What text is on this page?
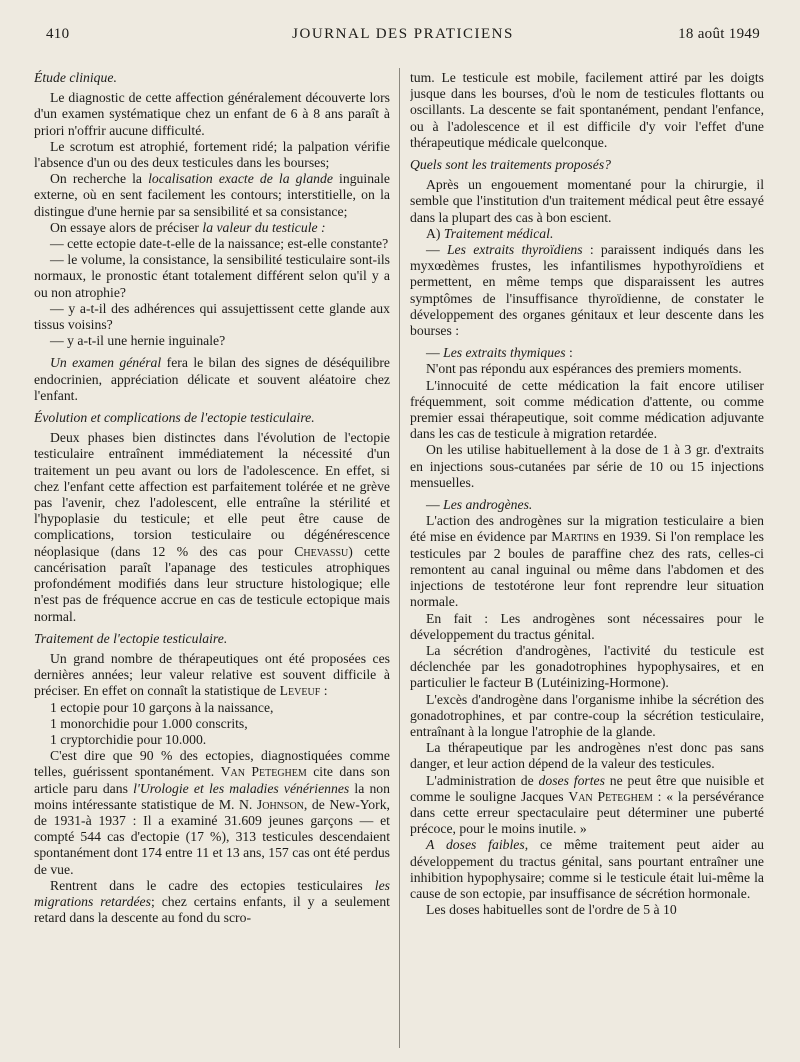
410	JOURNAL DES PRATICIENS	18 août 1949

Étude clinique.

Le diagnostic de cette affection généralement découverte lors d'un examen systématique chez un enfant de 6 à 8 ans paraît à priori n'offrir aucune difficulté.

Le scrotum est atrophié, fortement ridé; la palpation vérifie l'absence d'un ou des deux testicules dans les bourses;

On recherche la localisation exacte de la glande inguinale externe, où en sent facilement les contours; interstitielle, on la distingue d'une hernie par sa sensibilité et sa consistance;

On essaye alors de préciser la valeur du testicule :

— cette ectopie date-t-elle de la naissance; est-elle constante?

— le volume, la consistance, la sensibilité testiculaire sont-ils normaux, le pronostic étant totalement différent selon qu'il y a ou non atrophie?

— y a-t-il des adhérences qui assujettissent cette glande aux tissus voisins?

— y a-t-il une hernie inguinale?

Un examen général fera le bilan des signes de déséquilibre endocrinien, appréciation délicate et souvent aléatoire chez l'enfant.

Évolution et complications de l'ectopie testiculaire.

Deux phases bien distinctes dans l'évolution de l'ectopie testiculaire entraînent immédiatement la nécessité d'un traitement un peu avant ou lors de l'adolescence. En effet, si chez l'enfant cette affection est parfaitement tolérée et ne grève pas l'avenir, chez l'adolescent, elle entraîne la stérilité et l'hypoplasie du testicule; et elle peut être cause de complications, torsion testiculaire ou dégénérescence néoplasique (dans 12 % des cas pour Chevassu) cette cancérisation paraît l'apanage des testicules atrophiques profondément modifiés dans leur structure histologique; elle n'est pas de fréquence accrue en cas de testicule ectopique mais normal.

Traitement de l'ectopie testiculaire.

Un grand nombre de thérapeutiques ont été proposées ces dernières années; leur valeur relative est souvent difficile à préciser. En effet on connaît la statistique de Leveuf :

1 ectopie pour 10 garçons à la naissance,

1 monorchidie pour 1.000 conscrits,

1 cryptorchidie pour 10.000.

C'est dire que 90 % des ectopies, diagnostiquées comme telles, guérissent spontanément. Van Peteghem cite dans son article paru dans l'Urologie et les maladies vénériennes la non moins intéressante statistique de M. N. Johnson, de New-York, de 1931-à 1937 : Il a examiné 31.609 jeunes garçons — et compté 544 cas d'ectopie (17 %), 313 testicules descendaient spontanément dont 174 entre 11 et 13 ans, 157 cas ont été perdus de vue.

Rentrent dans le cadre des ectopies testiculaires les migrations retardées; chez certains enfants, il y a seulement retard dans la descente au fond du scro-

tum. Le testicule est mobile, facilement attiré par les doigts jusque dans les bourses, d'où le nom de testicules flottants ou oscillants. La descente se fait spontanément, pendant l'enfance, ou à l'adolescence et il est difficile d'y voir l'effet d'une thérapeutique médicale quelconque.

Quels sont les traitements proposés?

Après un engouement momentané pour la chirurgie, il semble que l'institution d'un traitement médical peut être essayé dans la plupart des cas à bon escient.

A) Traitement médical.

— Les extraits thyroïdiens : paraissent indiqués dans les myxœdèmes frustes, les infantilismes hypothyroïdiens et permettent, en même temps que disparaissent les autres symptômes de l'insuffisance thyroïdienne, de constater le développement des organes génitaux et leur descente dans les bourses :

— Les extraits thymiques :

N'ont pas répondu aux espérances des premiers moments.

L'innocuité de cette médication la fait encore utiliser fréquemment, soit comme médication d'attente, ou comme premier essai thérapeutique, soit comme médication adjuvante dans les cas de testicule à migration retardée.

On les utilise habituellement à la dose de 1 à 3 gr. d'extraits en injections sous-cutanées par série de 10 ou 15 injections mensuelles.

— Les androgènes.

L'action des androgènes sur la migration testiculaire a bien été mise en évidence par Martins en 1939. Si l'on remplace les testicules par 2 boules de paraffine chez des rats, celles-ci remontent au canal inguinal ou même dans l'abdomen et des injections de testotérone leur font reprendre leur situation normale.

En fait : Les androgènes sont nécessaires pour le développement du tractus génital.

La sécrétion d'androgènes, l'activité du testicule est déclenchée par les gonadotrophines hypophysaires, et en particulier le facteur B (Lutéinizing-Hormone).

L'excès d'androgène dans l'organisme inhibe la sécrétion des gonadotrophines, et par contre-coup la sécrétion testiculaire, entraînant à la longue l'atrophie de la glande.

La thérapeutique par les androgènes n'est donc pas sans danger, et leur action dépend de la valeur des testicules.

L'administration de doses fortes ne peut être que nuisible et comme le souligne Jacques Van Peteghem : « la persévérance dans cette erreur spectaculaire peut déterminer une puberté précoce, pour le moins inutile. »

A doses faibles, ce même traitement peut aider au développement du tractus génital, sans pourtant entraîner une inhibition hypophysaire; comme si le testicule était lui-même la cause de son ectopie, par insuffisance de sécrétion hormonale.

Les doses habituelles sont de l'ordre de 5 à 10
